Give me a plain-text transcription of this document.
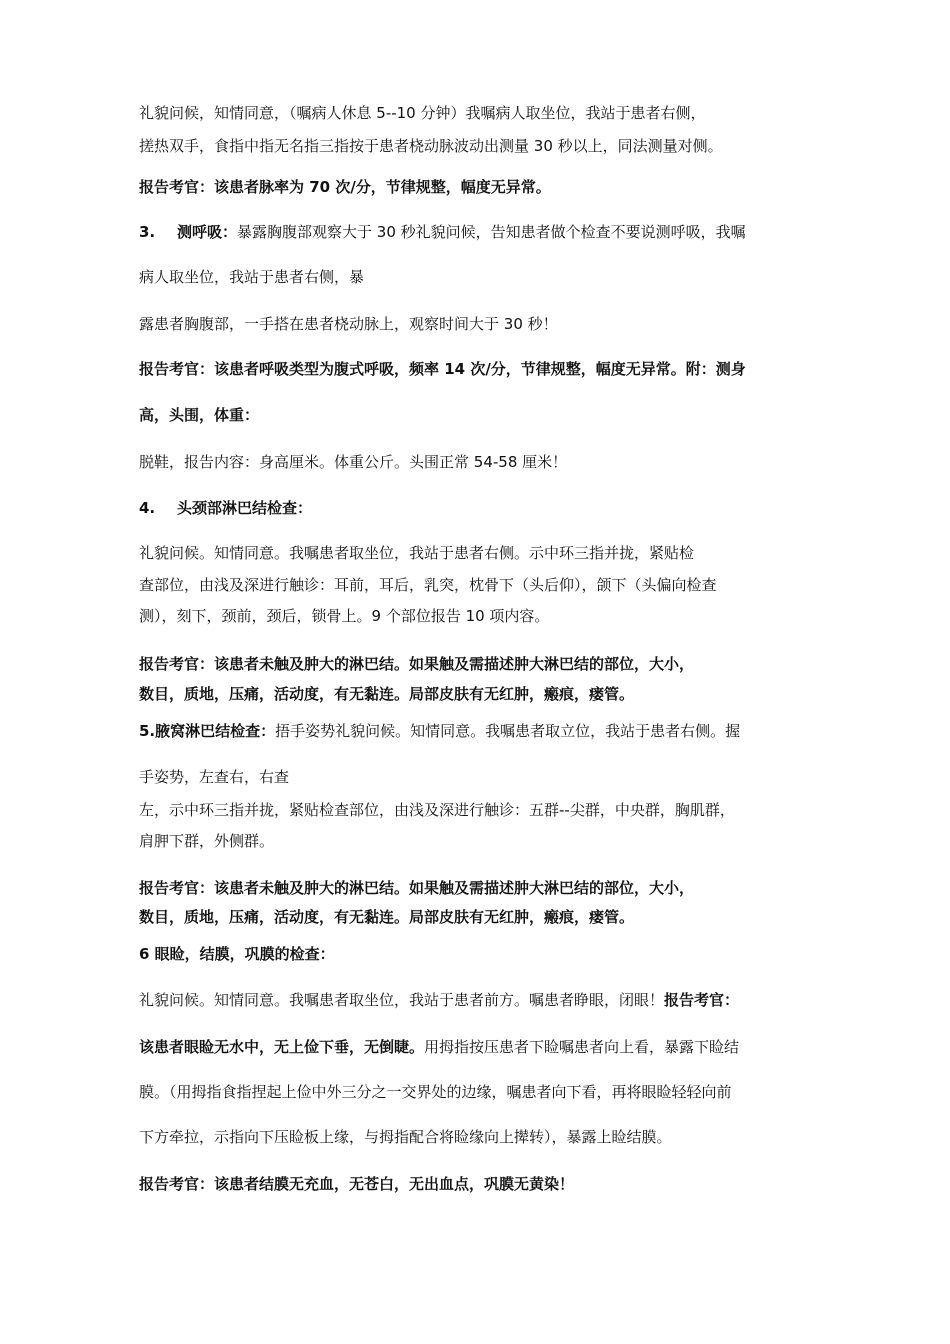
礼貌问候，知情同意，（嘱病人休息 5--10 分钟）我嘱病人取坐位，我站于患者右侧，
搓热双手，食指中指无名指三指按于患者桡动脉波动出测量 30 秒以上，同法测量对侧。
报告考官：该患者脉率为 70 次/分，节律规整，幅度无异常。
3. 测呼吸：暴露胸腹部观察大于 30 秒礼貌问候，告知患者做个检查不要说测呼吸，我嘱
病人取坐位，我站于患者右侧，暴
露患者胸腹部，一手搭在患者桡动脉上，观察时间大于 30 秒！
报告考官：该患者呼吸类型为腹式呼吸，频率 14 次/分，节律规整，幅度无异常。附：测身
高，头围，体重：
脱鞋，报告内容：身高厘米。体重公斤。头围正常 54-58 厘米！
4. 头颈部淋巴结检查：
礼貌问候。知情同意。我嘱患者取坐位，我站于患者右侧。示中环三指并拢，紧贴检
查部位，由浅及深进行触诊：耳前，耳后，乳突，枕骨下（头后仰），颌下（头偏向检查
测），刻下，颈前，颈后，锁骨上。9 个部位报告 10 项内容。
报告考官：该患者未触及肿大的淋巴结。如果触及需描述肿大淋巴结的部位，大小，
数目，质地，压痛，活动度，有无黏连。局部皮肤有无红肿，瘢痕，瘘管。
5.腋窝淋巴结检查：捂手姿势礼貌问候。知情同意。我嘱患者取立位，我站于患者右侧。握
手姿势，左查右，右查
左，示中环三指并拢，紧贴检查部位，由浅及深进行触诊：五群--尖群，中央群，胸肌群，
肩胛下群，外侧群。
报告考官：该患者未触及肿大的淋巴结。如果触及需描述肿大淋巴结的部位，大小，
数目，质地，压痛，活动度，有无黏连。局部皮肤有无红肿，瘢痕，瘘管。
6 眼睑，结膜，巩膜的检查：
礼貌问候。知情同意。我嘱患者取坐位，我站于患者前方。嘱患者睁眼，闭眼！报告考官：
该患者眼睑无水中，无上俭下垂，无倒睫。用拇指按压患者下睑嘱患者向上看，暴露下睑结
膜。（用拇指食指捏起上俭中外三分之一交界处的边缘，嘱患者向下看，再将眼睑轻轻向前
下方牵拉，示指向下压睑板上缘，与拇指配合将睑缘向上撵转），暴露上睑结膜。
报告考官：该患者结膜无充血，无苍白，无出血点，巩膜无黄染！
